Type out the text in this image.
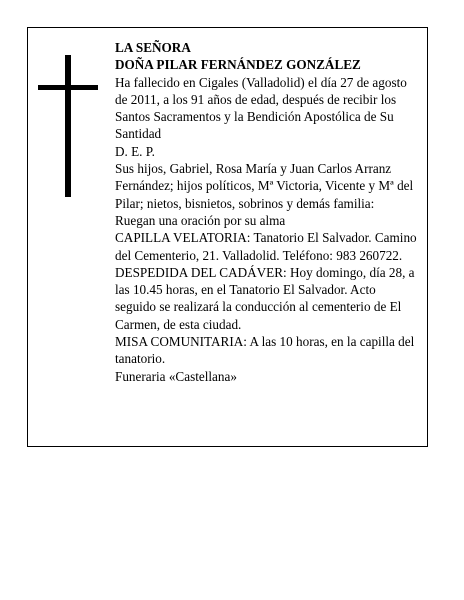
LA SEÑORA

DOÑA PILAR FERNÁNDEZ GONZÁLEZ

Ha fallecido en Cigales (Valladolid) el día 27 de agosto de 2011, a los 91 años de edad, después de recibir los Santos Sacramentos y la Bendición Apostólica de Su Santidad

D. E. P.

Sus hijos, Gabriel, Rosa María y Juan Carlos Arranz Fernández; hijos políticos, Mª Victoria, Vicente y Mª del Pilar; nietos, bisnietos, sobrinos y demás familia:

Ruegan una oración por su alma

CAPILLA VELATORIA: Tanatorio El Salvador. Camino del Cementerio, 21. Valladolid. Teléfono: 983 260722.

DESPEDIDA DEL CADÁVER: Hoy domingo, día 28, a las 10.45 horas, en el Tanatorio El Salvador. Acto seguido se realizará la conducción al cementerio de El Carmen, de esta ciudad.

MISA COMUNITARIA: A las 10 horas, en la capilla del tanatorio.

Funeraria «Castellana»
